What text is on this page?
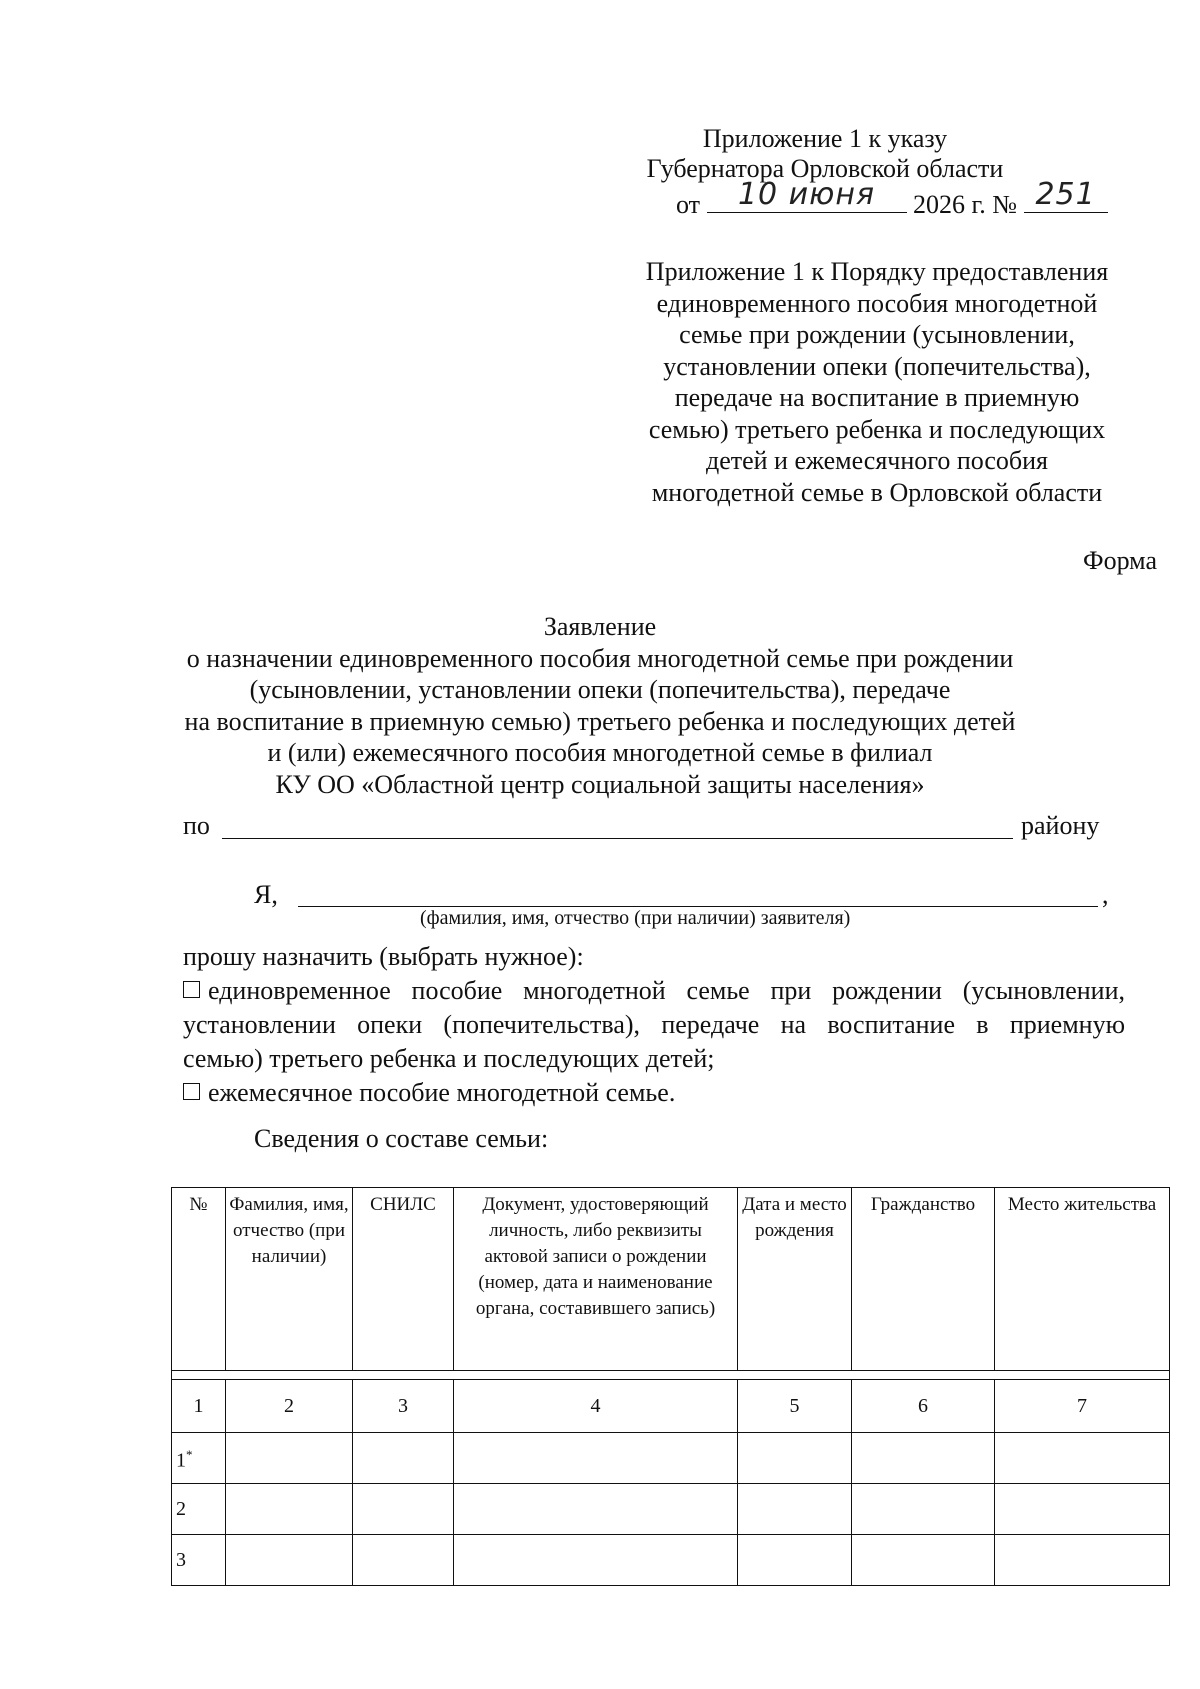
Приложение 1 к указу
Губернатора Орловской области
от	10 июня	2026 г. № 251
Приложение 1 к Порядку предоставления
единовременного пособия многодетной
семье при рождении (усыновлении,
установлении опеки (попечительства),
передаче на воспитание в приемную
семью) третьего ребенка и последующих
детей и ежемесячного пособия
многодетной семье в Орловской области
Форма
Заявление
о назначении единовременного пособия многодетной семье при рождении
(усыновлении, установлении опеки (попечительства), передаче
на воспитание в приемную семью) третьего ребенка и последующих детей
и (или) ежемесячного пособия многодетной семье в филиал
КУ ОО «Областной центр социальной защиты населения»
по	району
Я,	,
(фамилия, имя, отчество (при наличии) заявителя)
прошу назначить (выбрать нужное):
единовременное пособие многодетной семье при рождении (усыновлении,
установлении опеки (попечительства), передаче на воспитание в приемную
семью) третьего ребенка и последующих детей;
ежемесячное пособие многодетной семье.
Сведения о составе семьи:
№	Фамилия, имя, отчество (при наличии)	СНИЛС	Документ, удостоверяющий личность, либо реквизиты актовой записи о рождении (номер, дата и наименование органа, составившего запись)	Дата и место рождения	Гражданство	Место жительства

1	2	3	4	5	6	7
1*						
2						
3						
